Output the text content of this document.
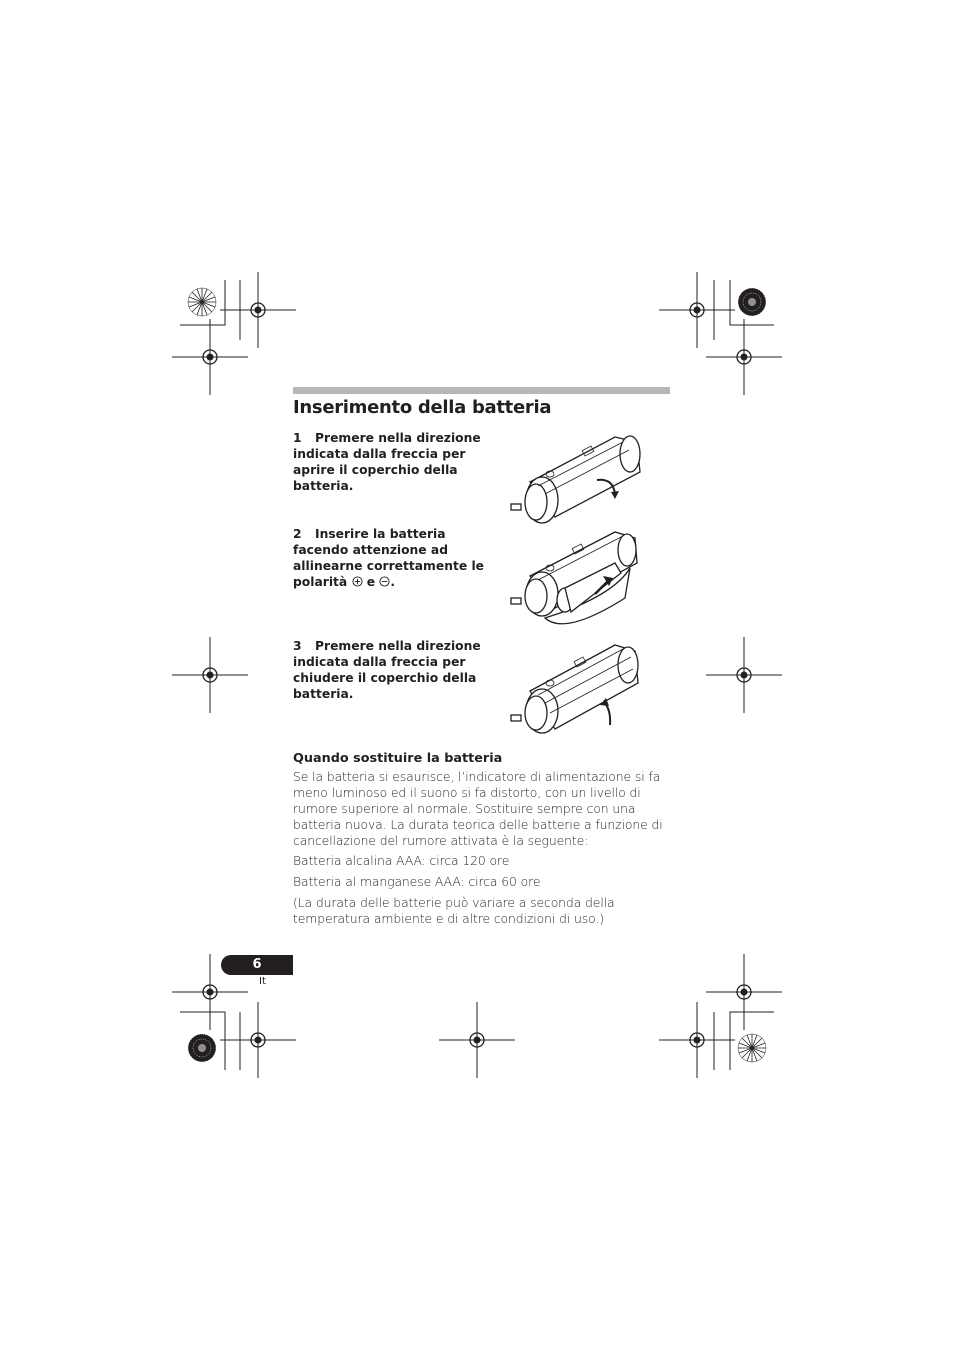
Inserimento della batteria
1 Premere nella direzione indicata dalla freccia per aprire il coperchio della batteria.
2 Inserire la batteria facendo attenzione ad allinearne correttamente le polarità e .
3 Premere nella direzione indicata dalla freccia per chiudere il coperchio della batteria.
Quando sostituire la batteria
Se la batteria si esaurisce, l’indicatore di alimentazione si fa meno luminoso ed il suono si fa distorto, con un livello di rumore superiore al normale. Sostituire sempre con una batteria nuova. La durata teorica delle batterie a funzione di cancellazione del rumore attivata è la seguente:
Batteria alcalina AAA: circa 120 ore
Batteria al manganese AAA: circa 60 ore
(La durata delle batterie può variare a seconda della temperatura ambiente e di altre condizioni di uso.)
6
It
